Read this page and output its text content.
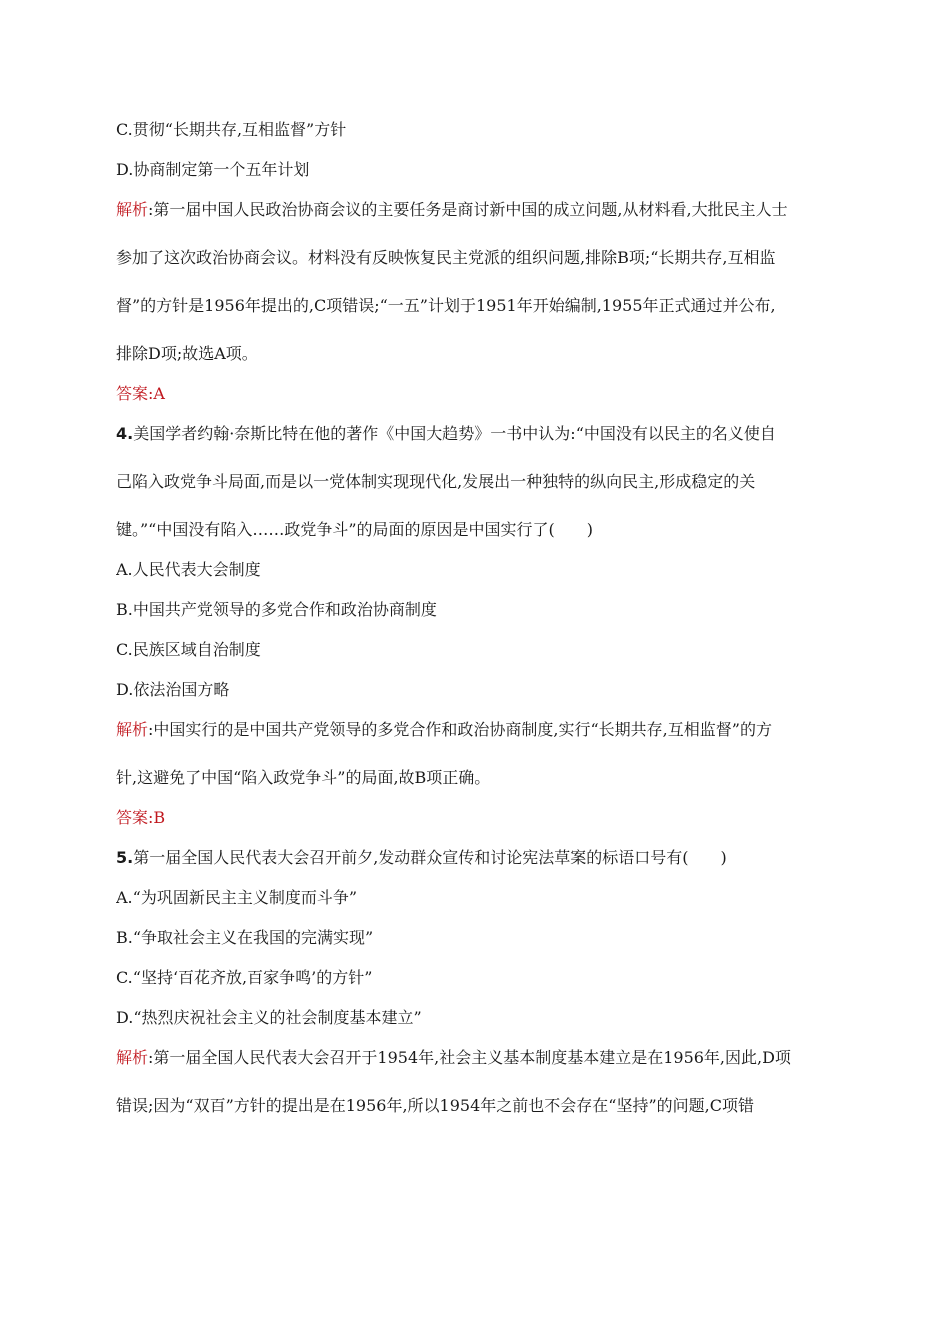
C.贯彻“长期共存,互相监督”方针

D.协商制定第一个五年计划

解析:第一届中国人民政治协商会议的主要任务是商讨新中国的成立问题,从材料看,大批民主人士

参加了这次政治协商会议。材料没有反映恢复民主党派的组织问题,排除B项;“长期共存,互相监

督”的方针是1956年提出的,C项错误;“一五”计划于1951年开始编制,1955年正式通过并公布,

排除D项;故选A项。

答案:A

4.美国学者约翰·奈斯比特在他的著作《中国大趋势》一书中认为:“中国没有以民主的名义使自

己陷入政党争斗局面,而是以一党体制实现现代化,发展出一种独特的纵向民主,形成稳定的关

键。”“中国没有陷入……政党争斗”的局面的原因是中国实行了(　　)

A.人民代表大会制度

B.中国共产党领导的多党合作和政治协商制度

C.民族区域自治制度

D.依法治国方略

解析:中国实行的是中国共产党领导的多党合作和政治协商制度,实行“长期共存,互相监督”的方

针,这避免了中国“陷入政党争斗”的局面,故B项正确。

答案:B

5.第一届全国人民代表大会召开前夕,发动群众宣传和讨论宪法草案的标语口号有(　　)

A.“为巩固新民主主义制度而斗争”

B.“争取社会主义在我国的完满实现”

C.“坚持‘百花齐放,百家争鸣’的方针”

D.“热烈庆祝社会主义的社会制度基本建立”

解析:第一届全国人民代表大会召开于1954年,社会主义基本制度基本建立是在1956年,因此,D项

错误;因为“双百”方针的提出是在1956年,所以1954年之前也不会存在“坚持”的问题,C项错
